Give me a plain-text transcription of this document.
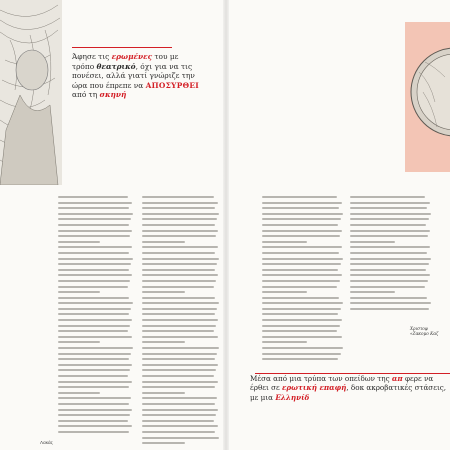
Άφησε τις ερωμένες του με τρόπο θεατρικό, όχι για να τις πονέσει, αλλά γιατί γνώριζε την ώρα που έπρεπε να ΑΠΟΣΥΡΘΕΙ από τη σκηνή
Χριστοφ
«Ζακομο Καζ
Λακάς
Μέσα από μια τρύπα των οπείδων της απ φερε να έρθει σε ερωτική επαφή, δοκ ακροβατικές στάσεις, με μια Ελληνίδ
